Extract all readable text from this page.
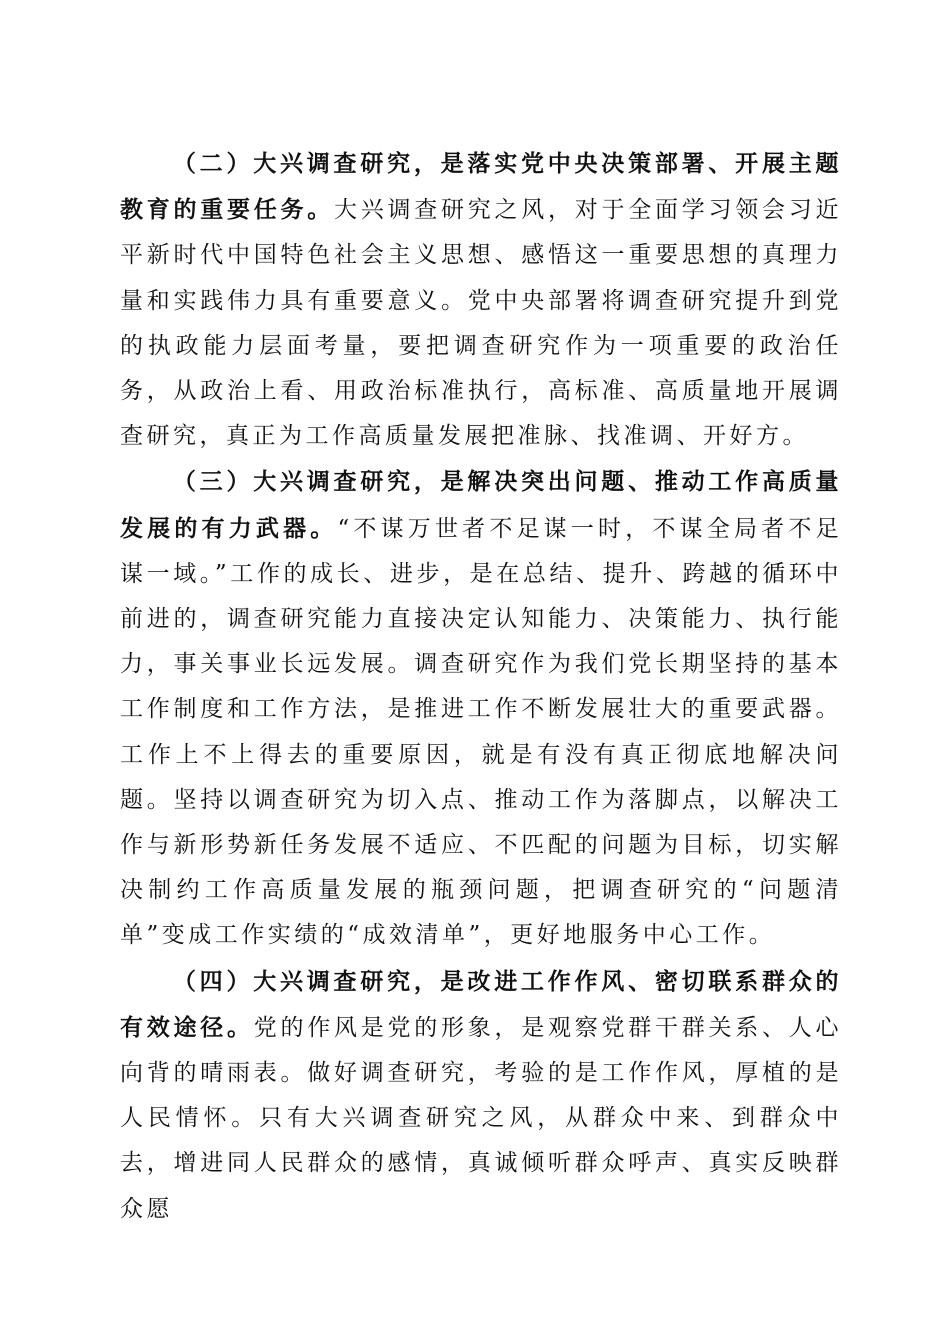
（二）大兴调查研究，是落实党中央决策部署、开展主题教育的重要任务。大兴调查研究之风，对于全面学习领会习近平新时代中国特色社会主义思想、感悟这一重要思想的真理力量和实践伟力具有重要意义。党中央部署将调查研究提升到党的执政能力层面考量，要把调查研究作为一项重要的政治任务，从政治上看、用政治标准执行，高标准、高质量地开展调查研究，真正为工作高质量发展把准脉、找准调、开好方。

（三）大兴调查研究，是解决突出问题、推动工作高质量发展的有力武器。“不谋万世者不足谋一时，不谋全局者不足谋一域。”工作的成长、进步，是在总结、提升、跨越的循环中前进的，调查研究能力直接决定认知能力、决策能力、执行能力，事关事业长远发展。调查研究作为我们党长期坚持的基本工作制度和工作方法，是推进工作不断发展壮大的重要武器。工作上不上得去的重要原因，就是有没有真正彻底地解决问题。坚持以调查研究为切入点、推动工作为落脚点，以解决工作与新形势新任务发展不适应、不匹配的问题为目标，切实解决制约工作高质量发展的瓶颈问题，把调查研究的“问题清单”变成工作实绩的“成效清单”，更好地服务中心工作。

（四）大兴调查研究，是改进工作作风、密切联系群众的有效途径。党的作风是党的形象，是观察党群干群关系、人心向背的晴雨表。做好调查研究，考验的是工作作风，厚植的是人民情怀。只有大兴调查研究之风，从群众中来、到群众中去，增进同人民群众的感情，真诚倾听群众呼声、真实反映群众愿
